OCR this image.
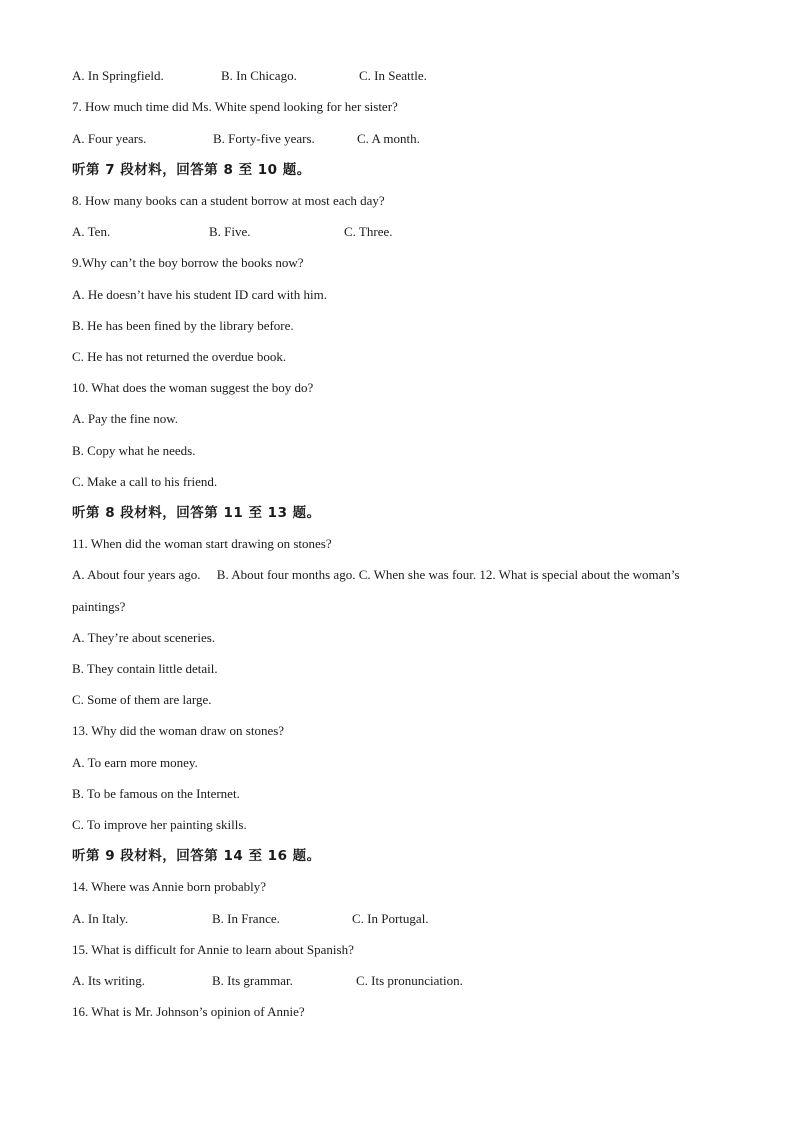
A. In Springfield.	B. In Chicago.	C. In Seattle.
7. How much time did Ms. White spend looking for her sister?
A. Four years.	B. Forty-five years.	C. A month.
听第 7 段材料，回答第 8 至 10 题。
8. How many books can a student borrow at most each day?
A. Ten.	B. Five.	C. Three.
9.Why can’t the boy borrow the books now?
A. He doesn’t have his student ID card with him.
B. He has been fined by the library before.
C. He has not returned the overdue book.
10. What does the woman suggest the boy do?
A. Pay the fine now.
B. Copy what he needs.
C. Make a call to his friend.
听第 8 段材料，回答第 11 至 13 题。
11. When did the woman start drawing on stones?
A. About four years ago.     B. About four months ago. C. When she was four. 12. What is special about the woman’s
paintings?
A. They’re about sceneries.
B. They contain little detail.
C. Some of them are large.
13. Why did the woman draw on stones?
A. To earn more money.
B. To be famous on the Internet.
C. To improve her painting skills.
听第 9 段材料，回答第 14 至 16 题。
14. Where was Annie born probably?
A. In Italy.	B. In France.	C. In Portugal.
15. What is difficult for Annie to learn about Spanish?
A. Its writing.	B. Its grammar.	C. Its pronunciation.
16. What is Mr. Johnson’s opinion of Annie?
